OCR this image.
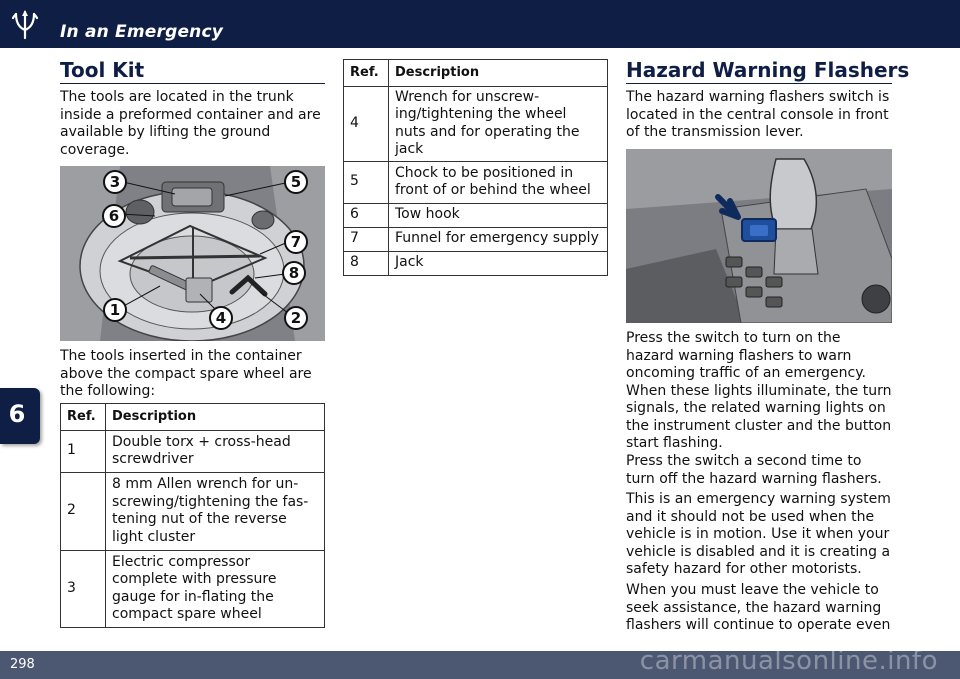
In an Emergency
6
Tool Kit
The tools are located in the trunk inside a preformed container and are available by lifting the ground coverage.
3	5
6
7
8
1	4	2
The tools inserted in the container above the compact spare wheel are the following:
Ref.	Description
1	Double torx + cross-head screwdriver
2	8 mm Allen wrench for un-screwing/tightening the fas-tening nut of the reverse light cluster
3	Electric compressor complete with pressure gauge for in-flating the compact spare wheel
Ref.	Description
4	Wrench for unscrew-ing/tightening the wheel nuts and for operating the jack
5	Chock to be positioned in front of or behind the wheel
6	Tow hook
7	Funnel for emergency supply
8	Jack
Hazard Warning Flashers
The hazard warning flashers switch is located in the central console in front of the transmission lever.
Press the switch to turn on the hazard warning flashers to warn oncoming traffic of an emergency. When these lights illuminate, the turn signals, the related warning lights on the instrument cluster and the button start flashing.
Press the switch a second time to turn off the hazard warning flashers.
This is an emergency warning system and it should not be used when the vehicle is in motion. Use it when your vehicle is disabled and it is creating a safety hazard for other motorists.
When you must leave the vehicle to seek assistance, the hazard warning flashers will continue to operate even
298	carmanualsonline.info
